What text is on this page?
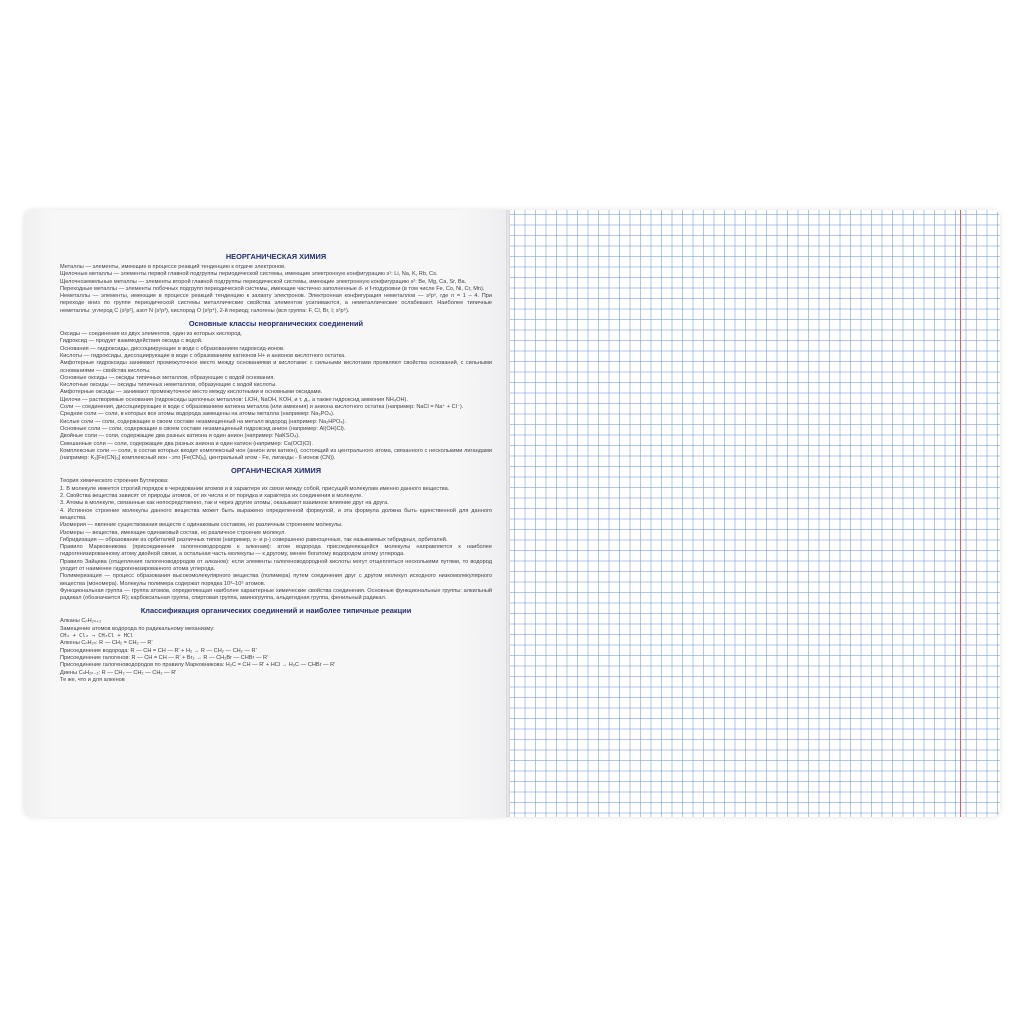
НЕОРГАНИЧЕСКАЯ ХИМИЯ

Металлы — элементы, имеющие в процессе реакций тенденцию к отдаче электронов.

Щелочные металлы — элементы первой главной подгруппы периодической системы, имеющие электронную конфигурацию s¹: Li, Na, K, Rb, Cs.

Щелочноземельные металлы — элементы второй главной подгруппы периодической системы, имеющие электронную конфигурацию s²: Be, Mg, Ca, Sr, Ba.

Переходные металлы — элементы побочных подгрупп периодической системы, имеющие частично заполненные d- и f-подуровни (в том числе Fe, Co, Ni, Cr, Mn).

Неметаллы — элементы, имеющие в процессе реакций тенденцию к захвату электронов. Электронная конфигурация неметаллов — s²pⁿ, где n = 1 – 4. При переходе вниз по группе периодической системы металлические свойства элементов усиливаются, а неметаллические ослабевают. Наиболее типичные неметаллы: углерод C (s²p²), азот N (s²p³), кислород O (s²p⁴), 2-й период; галогены (вся группа: F, Cl, Br, I; s²p⁵).

Основные классы неорганических соединений

Оксиды — соединения из двух элементов, один из которых кислород.

Гидроксид — продукт взаимодействия оксида с водой.

Основания — гидроксиды, диссоциирующие в воде с образованием гидроксид-ионов.

Кислоты — гидроксиды, диссоциирующие в воде с образованием катионов H+ и анионов кислотного остатка.

Амфотерные гидроксиды занимают промежуточное место между основаниями и кислотами: с сильными кислотами проявляют свойства оснований, с сильными основаниями — свойства кислоты.

Основные оксиды — оксиды типичных металлов, образующие с водой основания.

Кислотные оксиды — оксиды типичных неметаллов, образующие с водой кислоты.

Амфотерные оксиды — занимают промежуточное место между кислотными и основными оксидами.

Щелочи — растворимые основания (гидроксиды щелочных металлов: LiOH, NaOH, KOH, и т. д., а также гидроксид аммония NH₄OH).

Соли — соединения, диссоциирующие в воде с образованием катиона металла (или аммония) и аниона кислотного остатка (например: NaCl = Na⁺ + Cl⁻).

Средние соли — соли, в которых все атомы водорода замещены на атомы металла (например: Na₃PO₄).

Кислые соли — соли, содержащие в своем составе незамещенный на металл водород (например: Na₂HPO₄).

Основные соли — соли, содержащие в своем составе незамещенный гидроксид анион (например: Al(OH)Cl).

Двойные соли — соли, содержащие два разных катиона и один анион (например: NaKSO₄).

Смешанные соли — соли, содержащие два разных аниона и один катион (например: Ca(OCl)Cl).

Комплексные соли — соли, в состав которых входит комплексный ион (анион или катион), состоящий из центрального атома, связанного с несколькими лигандами (например: K₃[Fe(CN)₆] комплексный ион - это [Fe(CN)₆], центральный атом - Fe, лиганды - 6 ионов (CN)).

ОРГАНИЧЕСКАЯ ХИМИЯ

Теория химического строения Бутлерова:

1. В молекуле имеется строгий порядок в чередовании атомов и в характере их связи между собой, присущий молекулам именно данного вещества.

2. Свойства вещества зависят от природы атомов, от их числа и от порядка и характера их соединения в молекуле.

3. Атомы в молекуле, связанные как непосредственно, так и через другие атомы, оказывают взаимное влияние друг на друга.

4. Истинное строение молекулы данного вещества может быть выражено определенной формулой, и эта формула должна быть единственной для данного вещества.

Изомерия — явление существования веществ с одинаковым составом, но различным строением молекулы.

Изомеры — вещества, имеющие одинаковый состав, но различное строение молекул.

Гибридизация — образование из орбиталей различных типов (например, s- и p-) совершенно равноценных, так называемых гибридных, орбиталей.

Правило Марковникова (присоединения галогеноводородов к алкенам): атом водорода присоединяющейся молекулы направляется к наиболее гидрогенизированному атому двойной связи, а остальная часть молекулы — к другому, менее богатому водородом атому углерода.

Правило Зайцева (отщепления галогеноводородов от алканов): если элементы галогеноводородной кислоты могут отщепляться несколькими путями, то водород уходит от наименее гидрогенизированного атома углерода.

Полимеризация — процесс образования высокомолекулярного вещества (полимера) путем соединения друг с другом молекул исходного низкомолекулярного вещества (мономера). Молекулы полимера содержат порядка 10³–10⁵ атомов.

Функциональная группа — группа атомов, определяющая наиболее характерные химические свойства соединения. Основные функциональные группы: алкильный радикал (обозначается R); карбоксильная группа, спиртовая группа, аминогруппа, альдегидная группа, фенильный радикал.

Классификация органических соединений и наиболее типичные реакции

Алканы CₙH₂ₙ₊₂

Замещение атомов водорода по радикальному механизму:

CH₄ + Cl₂ → CH₃Cl + HCl

Алкены CₙH₂ₙ: R — CH₂ = CH₂ — R'

Присоединение водорода: R — CH = CH — R' + H₂ → R — CH₂ — CH₂ — R'

Присоединение галогенов: R — CH = CH — R' + Br₂ → R — CH₂Br — CHBr — R'

Присоединение галогеноводородов по правилу Марковникова: H₂C = CH — R' + HCl → H₃C — CHBr — R'

Диены CₙH₂ₙ₋₂: R — CH₂ — CH₂ — CH₂ — R'

Те же, что и для алкенов
